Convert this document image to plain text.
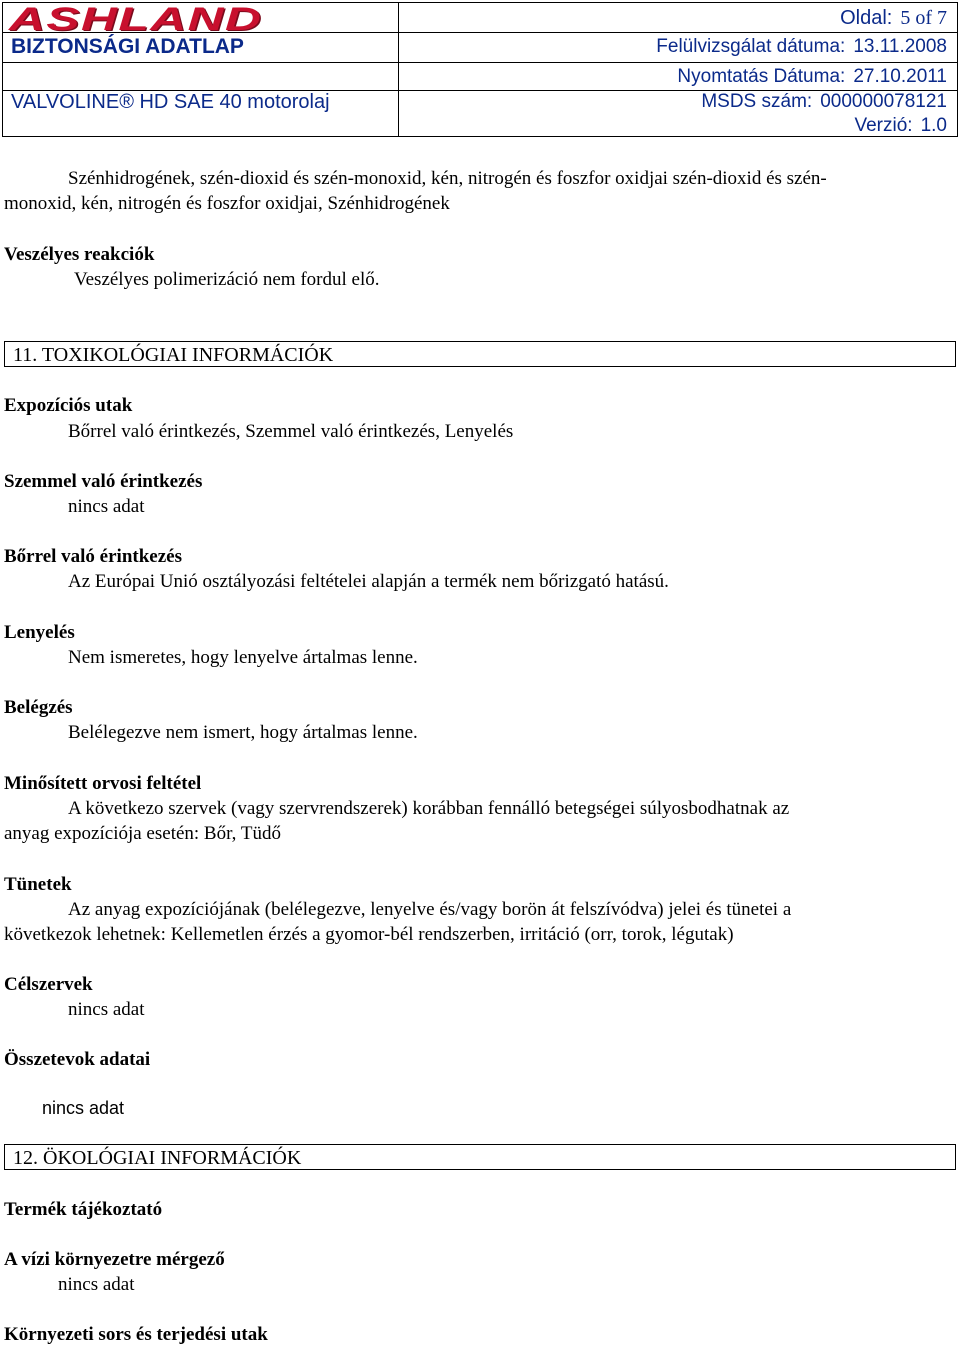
ASHLAND
BIZTONSÁGI ADATLAP
VALVOLINE® HD SAE 40 motorolaj
Oldal: 5 of 7
Felülvizsgálat dátuma: 13.11.2008
Nyomtatás Dátuma: 27.10.2011
MSDS szám: 000000078121
Verzió: 1.0
Szénhidrogének, szén-dioxid és szén-monoxid, kén, nitrogén és foszfor oxidjai szén-dioxid és szén-
monoxid, kén, nitrogén és foszfor oxidjai, Szénhidrogének
Veszélyes reakciók
Veszélyes polimerizáció nem fordul elő.
11. TOXIKOLÓGIAI INFORMÁCIÓK
Expozíciós utak
Bőrrel való érintkezés, Szemmel való érintkezés, Lenyelés
Szemmel való érintkezés
nincs adat
Bőrrel való érintkezés
Az Európai Unió osztályozási feltételei alapján a termék nem bőrizgató hatású.
Lenyelés
Nem ismeretes, hogy lenyelve ártalmas lenne.
Belégzés
Belélegezve nem ismert, hogy ártalmas lenne.
Minősített orvosi feltétel
A következo szervek (vagy szervrendszerek) korábban fennálló betegségei súlyosbodhatnak az
anyag expozíciója esetén: Bőr, Tüdő
Tünetek
Az anyag expozíciójának (belélegezve, lenyelve és/vagy borön át felszívódva) jelei és tünetei a
következok lehetnek: Kellemetlen érzés a gyomor-bél rendszerben, irritáció (orr, torok, légutak)
Célszervek
nincs adat
Összetevok adatai
nincs adat
12. ÖKOLÓGIAI INFORMÁCIÓK
Termék tájékoztató
A vízi környezetre mérgező
nincs adat
Környezeti sors és terjedési utak
